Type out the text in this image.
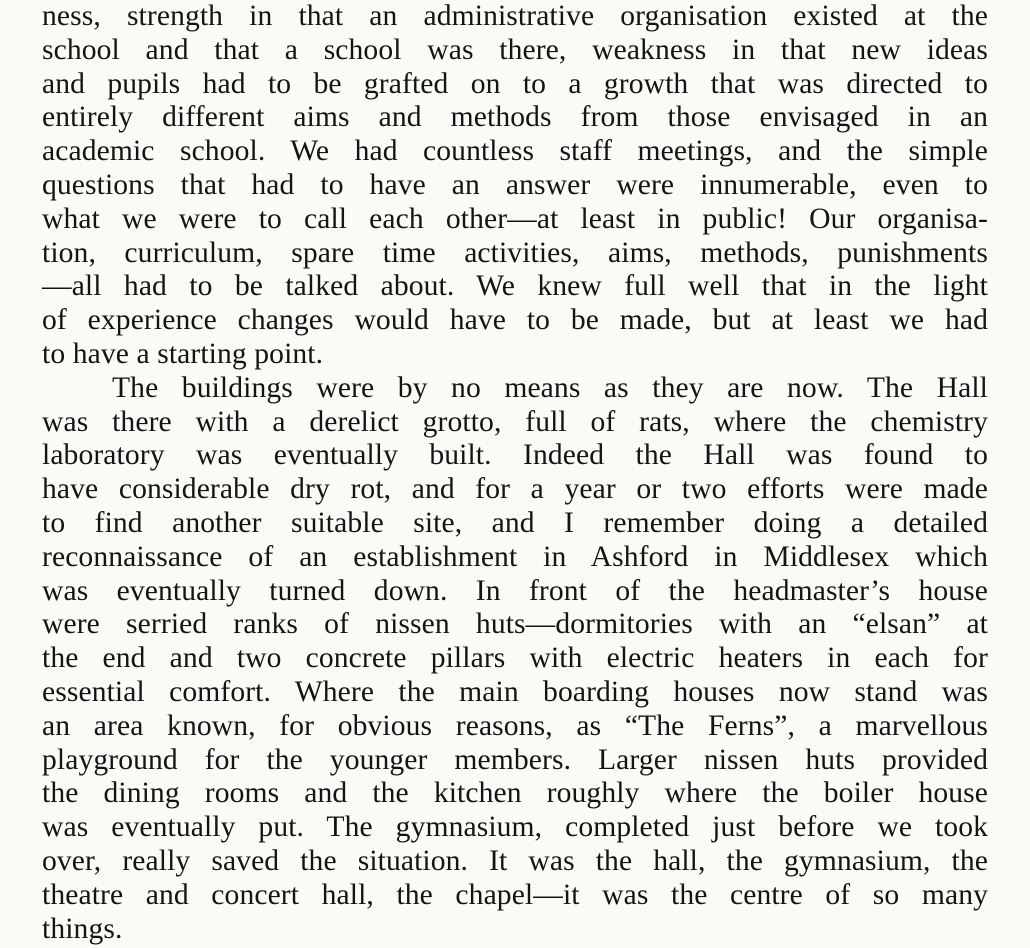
ness, strength in that an administrative organisation existed at the
school and that a school was there, weakness in that new ideas
and pupils had to be grafted on to a growth that was directed to
entirely different aims and methods from those envisaged in an
academic school. We had countless staff meetings, and the simple
questions that had to have an answer were innumerable, even to
what we were to call each other—at least in public! Our organisa-
tion, curriculum, spare time activities, aims, methods, punishments
—all had to be talked about. We knew full well that in the light
of experience changes would have to be made, but at least we had
to have a starting point.
The buildings were by no means as they are now. The Hall
was there with a derelict grotto, full of rats, where the chemistry
laboratory was eventually built. Indeed the Hall was found to
have considerable dry rot, and for a year or two efforts were made
to find another suitable site, and I remember doing a detailed
reconnaissance of an establishment in Ashford in Middlesex which
was eventually turned down. In front of the headmaster’s house
were serried ranks of nissen huts—dormitories with an “elsan” at
the end and two concrete pillars with electric heaters in each for
essential comfort. Where the main boarding houses now stand was
an area known, for obvious reasons, as “The Ferns”, a marvellous
playground for the younger members. Larger nissen huts provided
the dining rooms and the kitchen roughly where the boiler house
was eventually put. The gymnasium, completed just before we took
over, really saved the situation. It was the hall, the gymnasium, the
theatre and concert hall, the chapel—it was the centre of so many
things.
